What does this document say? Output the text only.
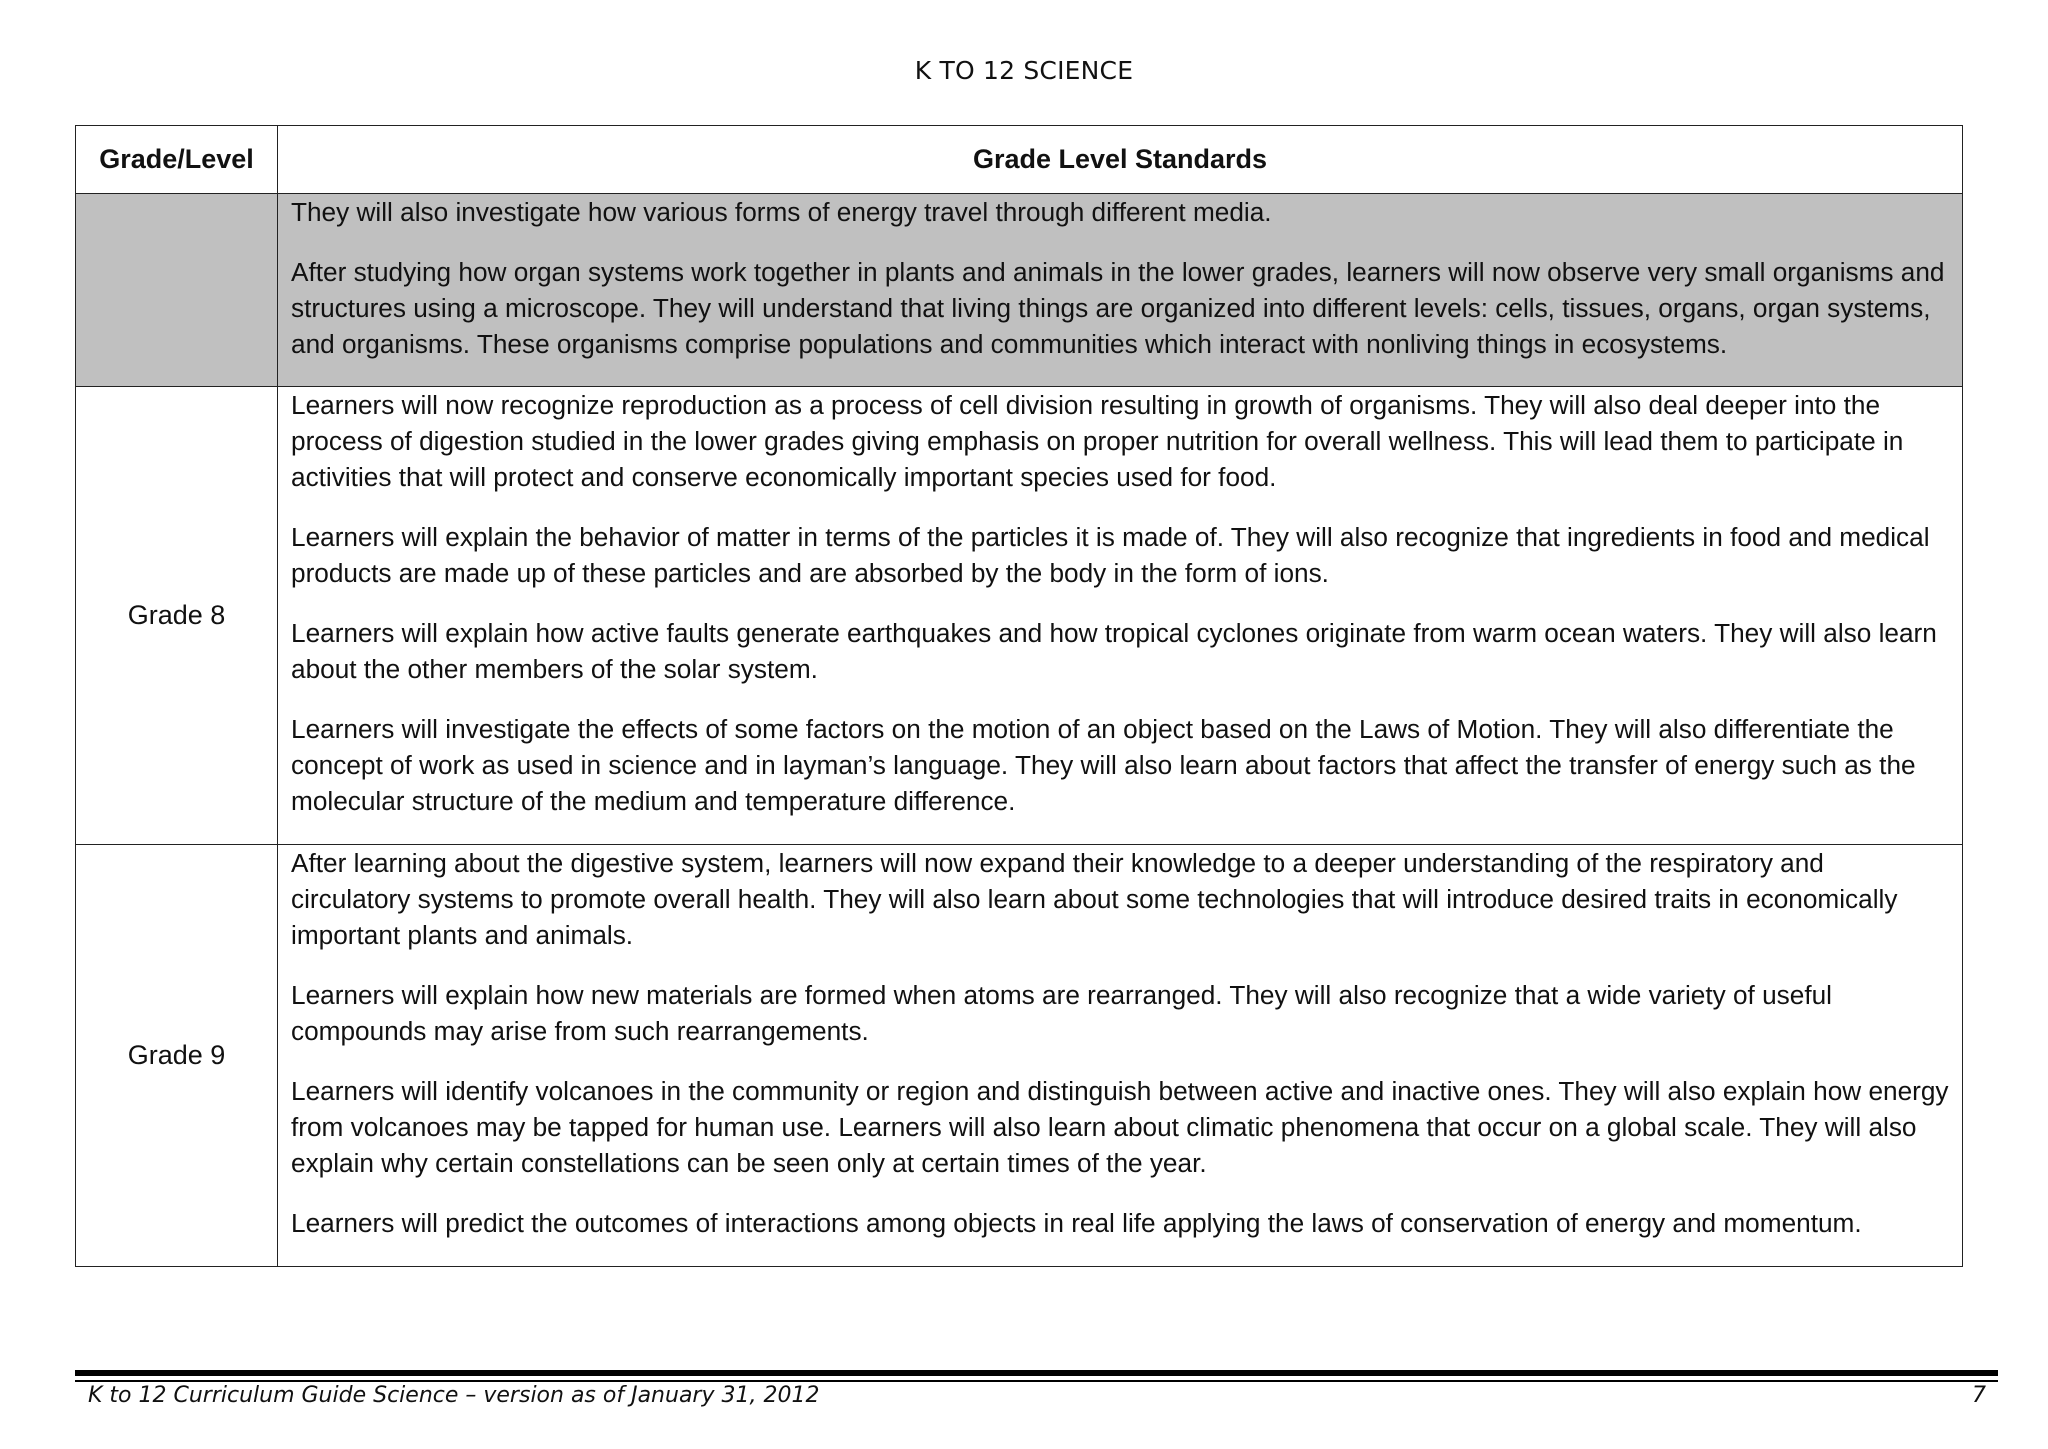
K TO 12 SCIENCE
Grade/Level	Grade Level Standards

	They will also investigate how various forms of energy travel through different media.

After studying how organ systems work together in plants and animals in the lower grades, learners will now observe very small organisms and structures using a microscope. They will understand that living things are organized into different levels: cells, tissues, organs, organ systems, and organisms. These organisms comprise populations and communities which interact with nonliving things in ecosystems.

Grade 8	Learners will now recognize reproduction as a process of cell division resulting in growth of organisms. They will also deal deeper into the process of digestion studied in the lower grades giving emphasis on proper nutrition for overall wellness. This will lead them to participate in activities that will protect and conserve economically important species used for food.

Learners will explain the behavior of matter in terms of the particles it is made of. They will also recognize that ingredients in food and medical products are made up of these particles and are absorbed by the body in the form of ions.

Learners will explain how active faults generate earthquakes and how tropical cyclones originate from warm ocean waters. They will also learn about the other members of the solar system.

Learners will investigate the effects of some factors on the motion of an object based on the Laws of Motion. They will also differentiate the concept of work as used in science and in layman’s language. They will also learn about factors that affect the transfer of energy such as the molecular structure of the medium and temperature difference.

Grade 9	After learning about the digestive system, learners will now expand their knowledge to a deeper understanding of the respiratory and circulatory systems to promote overall health. They will also learn about some technologies that will introduce desired traits in economically important plants and animals.

Learners will explain how new materials are formed when atoms are rearranged. They will also recognize that a wide variety of useful compounds may arise from such rearrangements.

Learners will identify volcanoes in the community or region and distinguish between active and inactive ones. They will also explain how energy from volcanoes may be tapped for human use. Learners will also learn about climatic phenomena that occur on a global scale. They will also explain why certain constellations can be seen only at certain times of the year.

Learners will predict the outcomes of interactions among objects in real life applying the laws of conservation of energy and momentum.

K to 12 Curriculum Guide Science – version as of January 31, 2012	7
